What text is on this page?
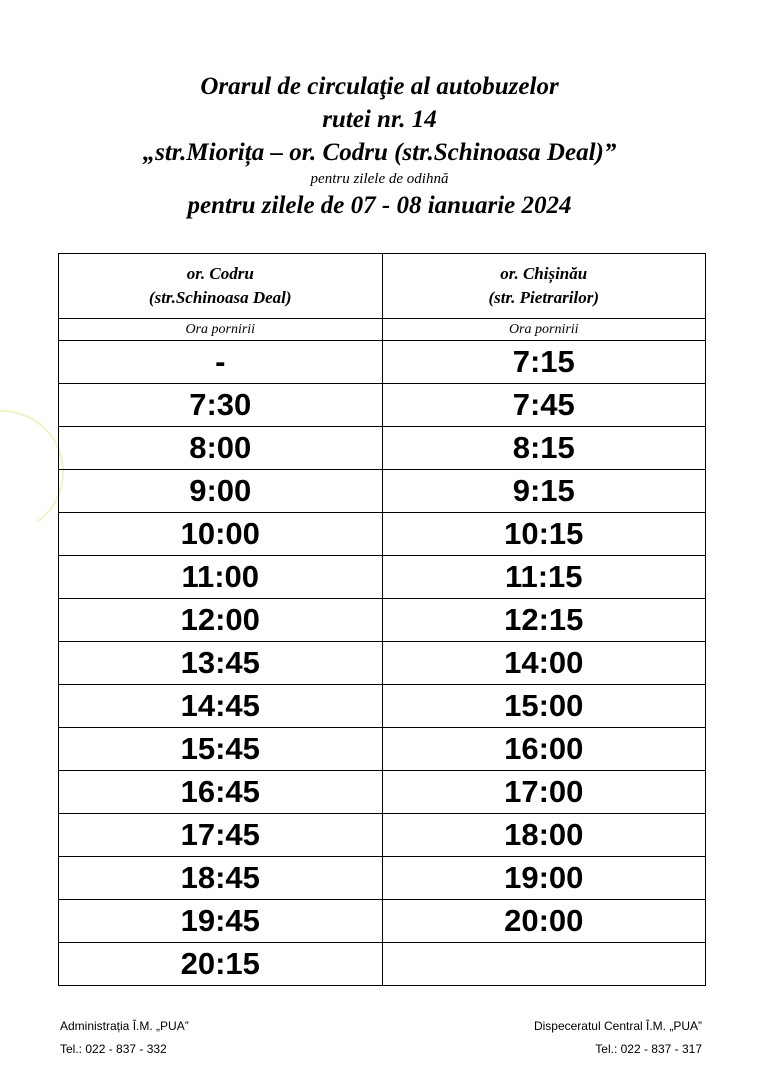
Orarul de circulaţie al autobuzelor
rutei nr. 14
„str.Miorița – or. Codru (str.Schinoasa Deal)”
pentru zilele de odihnă
pentru zilele de 07 - 08 ianuarie 2024
or. Codru
(str.Schinoasa Deal)	or. Chișinău
(str. Pietrarilor)

Ora pornirii	Ora pornirii
-	7:15
7:30	7:45
8:00	8:15
9:00	9:15
10:00	10:15
11:00	11:15
12:00	12:15
13:45	14:00
14:45	15:00
15:45	16:00
16:45	17:00
17:45	18:00
18:45	19:00
19:45	20:00
20:15	
Administrația Î.M. „PUA”
Tel.: 022 - 837 - 332
Dispeceratul Central Î.M. „PUA”
Tel.: 022 - 837 - 317
